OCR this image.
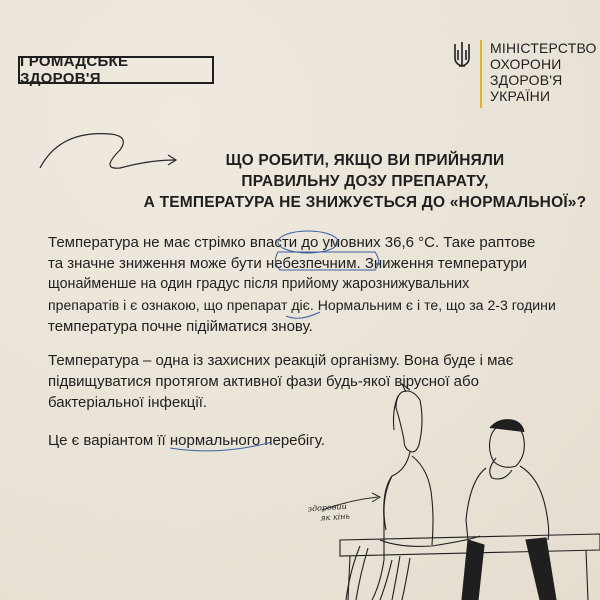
ГРОМАДСЬКЕ ЗДОРОВ'Я
МІНІСТЕРСТВО
ОХОРОНИ
ЗДОРОВ'Я
УКРАЇНИ
ЩО РОБИТИ, ЯКЩО ВИ ПРИЙНЯЛИ
ПРАВИЛЬНУ ДОЗУ ПРЕПАРАТУ,
А ТЕМПЕРАТУРА НЕ ЗНИЖУЄТЬСЯ ДО «НОРМАЛЬНОЇ»?
Температура не має стрімко впасти до умовних 36,6 °С. Таке раптове
та значне зниження може бути небезпечним. Зниження температури
щонайменше на один градус після прийому жарознижувальних
препаратів і є ознакою, що препарат діє. Нормальним є і те, що за 2-3 години
температура почне підійматися знову.
Температура – одна із захисних реакцій організму. Вона буде і має
підвищуватися протягом активної фази будь-якої вірусної або
бактеріальної інфекції.
Це є варіантом її нормального перебігу.
здоровий
як кінь
